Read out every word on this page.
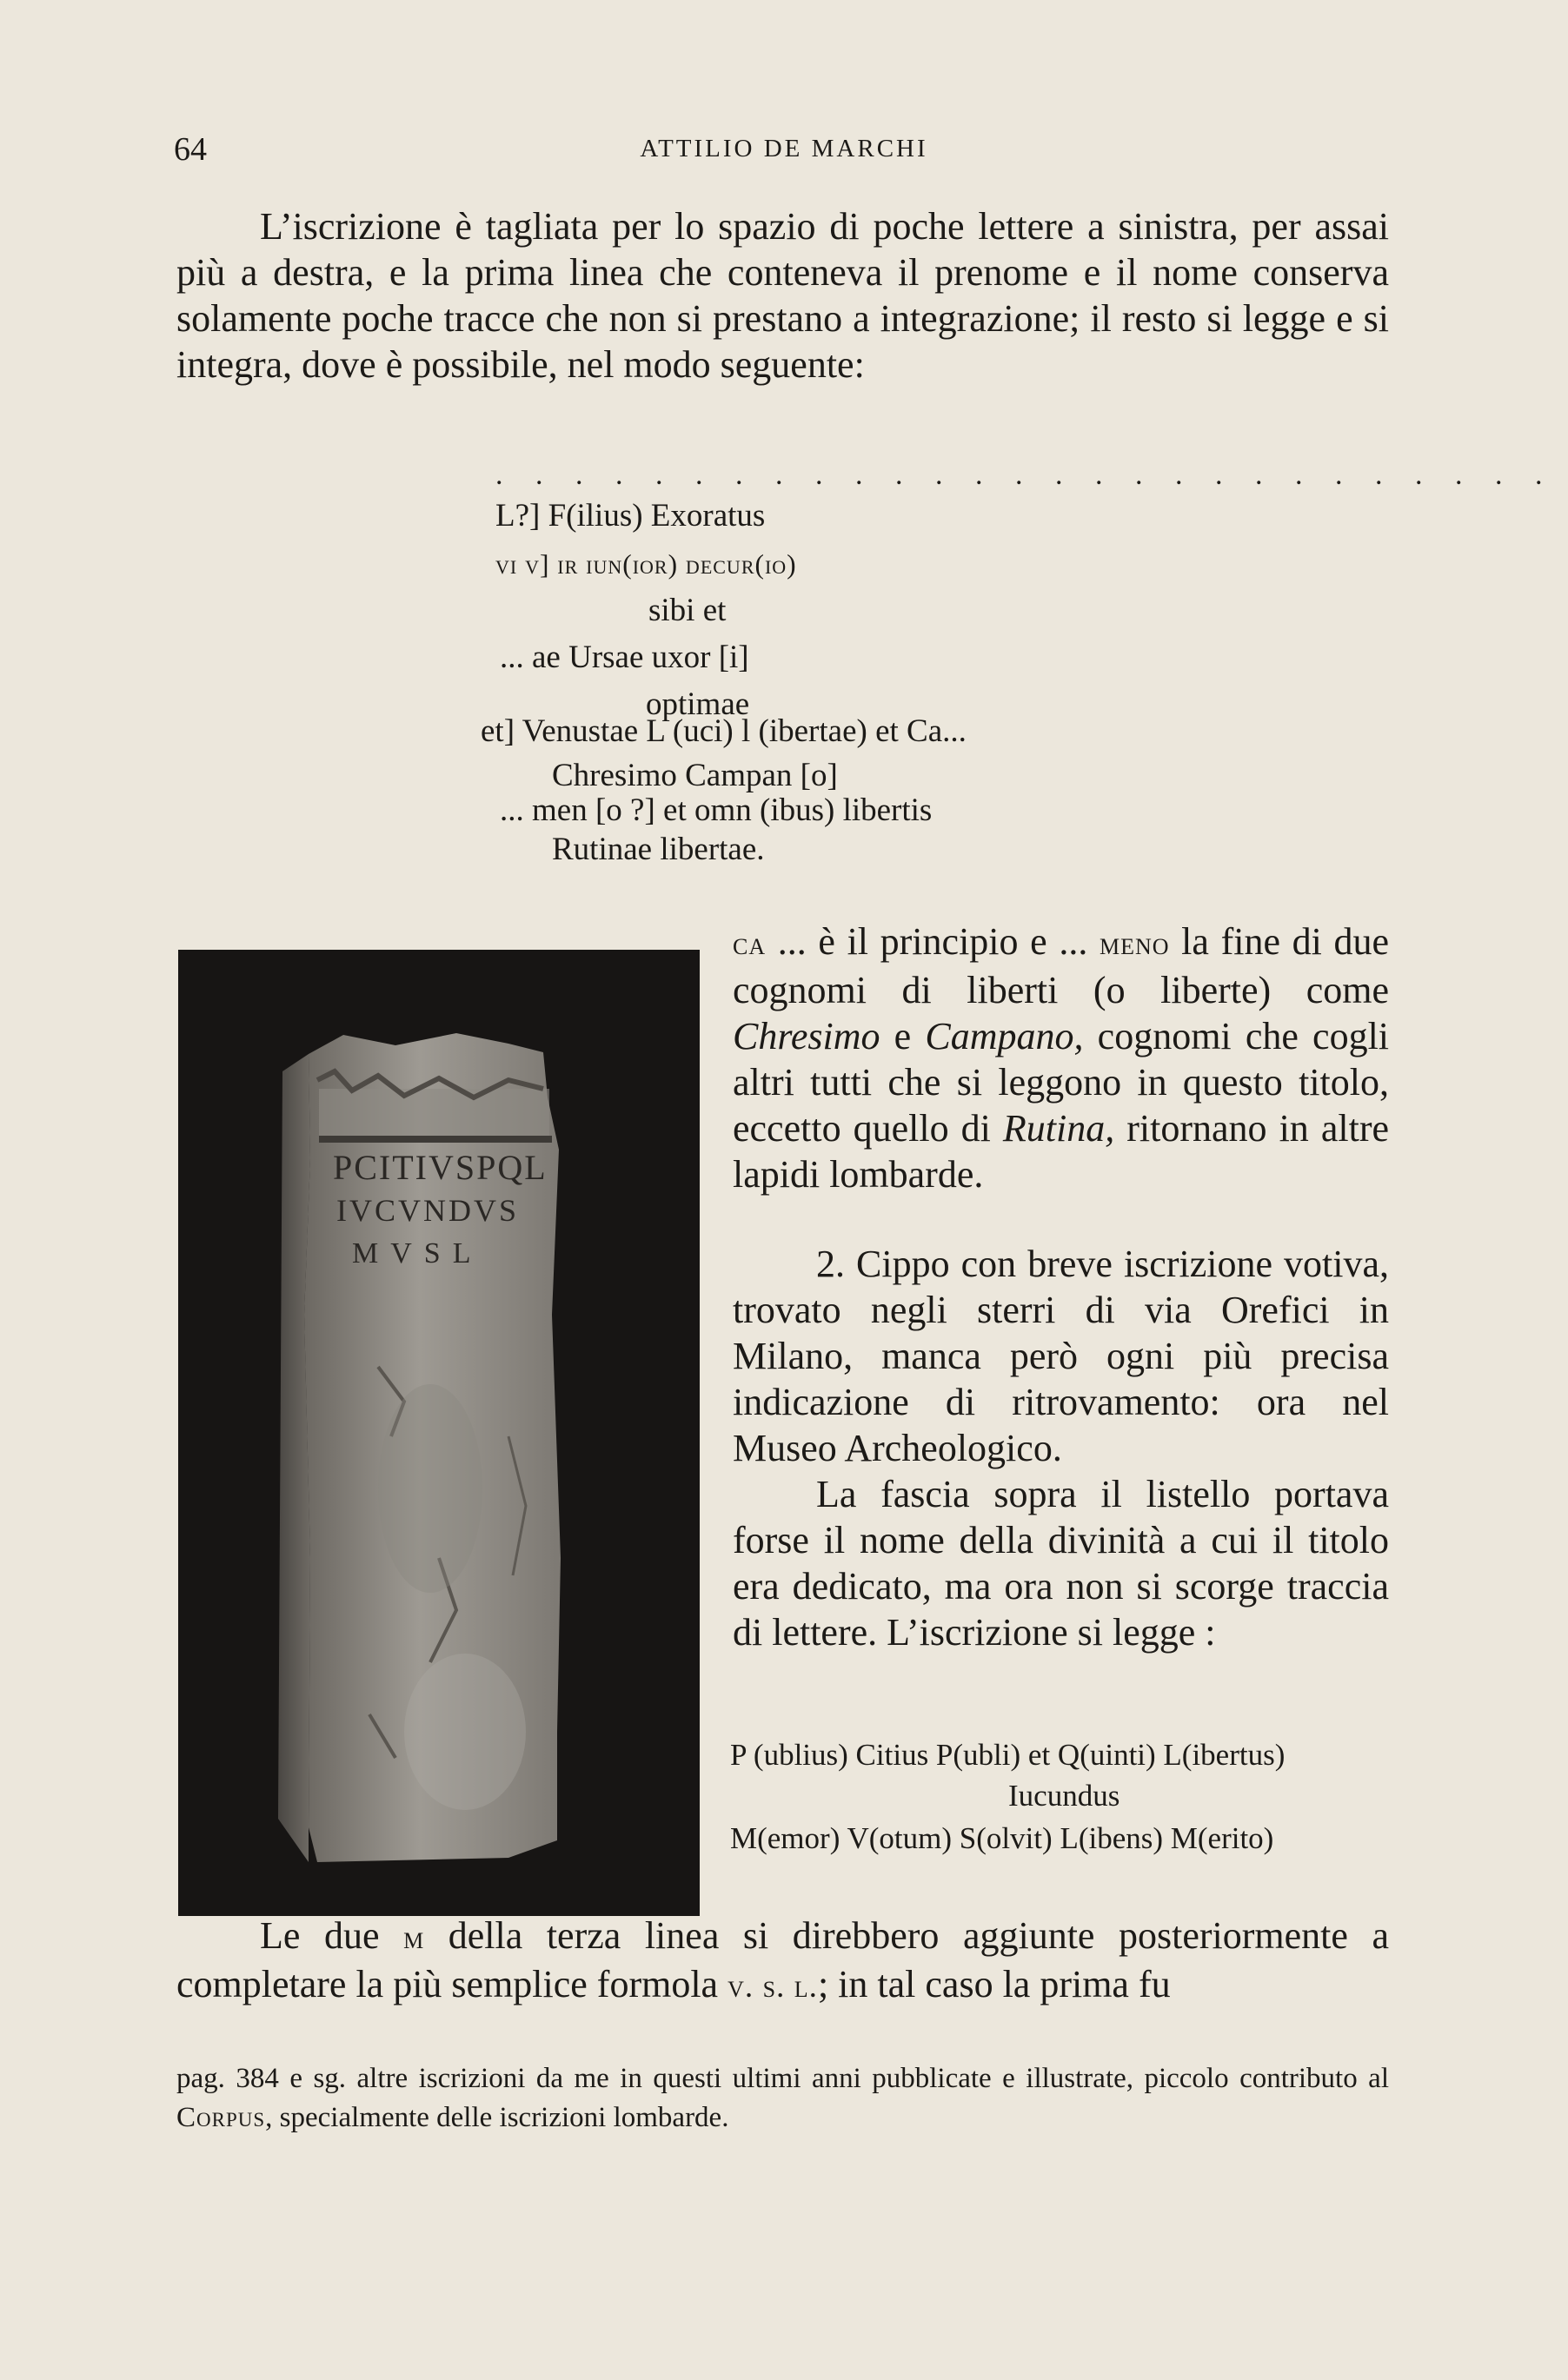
64	ATTILIO DE MARCHI
L’iscrizione è tagliata per lo spazio di poche lettere a sinistra, per assai più a destra, e la prima linea che conteneva il prenome e il nome conserva solamente poche tracce che non si prestano a integrazione; il resto si legge e si integra, dove è possibile, nel modo seguente:
. . . . . . . . . . . . . . . . . . . . . . . . . . .
L?] F(ilius) Exoratus
vi v] ir iun(ior) decur(io)
sibi et
... ae Ursae uxor [i]
optimae
et] Venustae L (uci) l (ibertae) et Ca...
Chresimo Campan [o]
... men [o ?] et omn (ibus) libertis
Rutinae libertae.
PCITIVSPQL
IVCVNDVS
MVSL
ca ... è il principio e ... meno la fine di due cognomi di liberti (o liberte) come Chresimo e Campano, cognomi che cogli altri tutti che si leggono in questo titolo, eccetto quello di Rutina, ritornano in altre lapidi lombarde.
2. Cippo con breve iscrizione votiva, trovato negli sterri di via Orefici in Milano, manca però ogni più precisa indicazione di ritrovamento: ora nel Museo Archeologico.
La fascia sopra il listello portava forse il nome della divinità a cui il titolo era dedicato, ma ora non si scorge traccia di lettere. L’iscrizione si legge :
P (ublius) Citius P(ubli) et Q(uinti) L(ibertus)
Iucundus
M(emor) V(otum) S(olvit) L(ibens) M(erito)
Le due m della terza linea si direbbero aggiunte posteriormente a completare la più semplice formola v. s. l.; in tal caso la prima fu
pag. 384 e sg. altre iscrizioni da me in questi ultimi anni pubblicate e illustrate, piccolo contributo al Corpus, specialmente delle iscrizioni lombarde.
